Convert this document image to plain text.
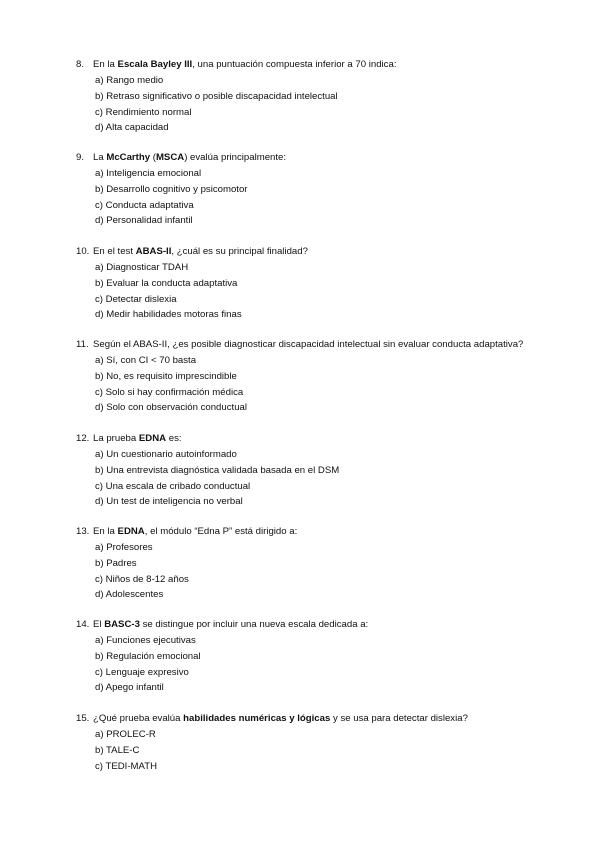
8. En la Escala Bayley III, una puntuación compuesta inferior a 70 indica:
a) Rango medio
b) Retraso significativo o posible discapacidad intelectual
c) Rendimiento normal
d) Alta capacidad
9. La McCarthy (MSCA) evalúa principalmente:
a) Inteligencia emocional
b) Desarrollo cognitivo y psicomotor
c) Conducta adaptativa
d) Personalidad infantil
10. En el test ABAS-II, ¿cuál es su principal finalidad?
a) Diagnosticar TDAH
b) Evaluar la conducta adaptativa
c) Detectar dislexia
d) Medir habilidades motoras finas
11. Según el ABAS-II, ¿es posible diagnosticar discapacidad intelectual sin evaluar conducta adaptativa?
a) Sí, con CI < 70 basta
b) No, es requisito imprescindible
c) Solo si hay confirmación médica
d) Solo con observación conductual
12. La prueba EDNA es:
a) Un cuestionario autoinformado
b) Una entrevista diagnóstica validada basada en el DSM
c) Una escala de cribado conductual
d) Un test de inteligencia no verbal
13. En la EDNA, el módulo “Edna P” está dirigido a:
a) Profesores
b) Padres
c) Niños de 8-12 años
d) Adolescentes
14. El BASC-3 se distingue por incluir una nueva escala dedicada a:
a) Funciones ejecutivas
b) Regulación emocional
c) Lenguaje expresivo
d) Apego infantil
15. ¿Qué prueba evalúa habilidades numéricas y lógicas y se usa para detectar dislexia?
a) PROLEC-R
b) TALE-C
c) TEDI-MATH
